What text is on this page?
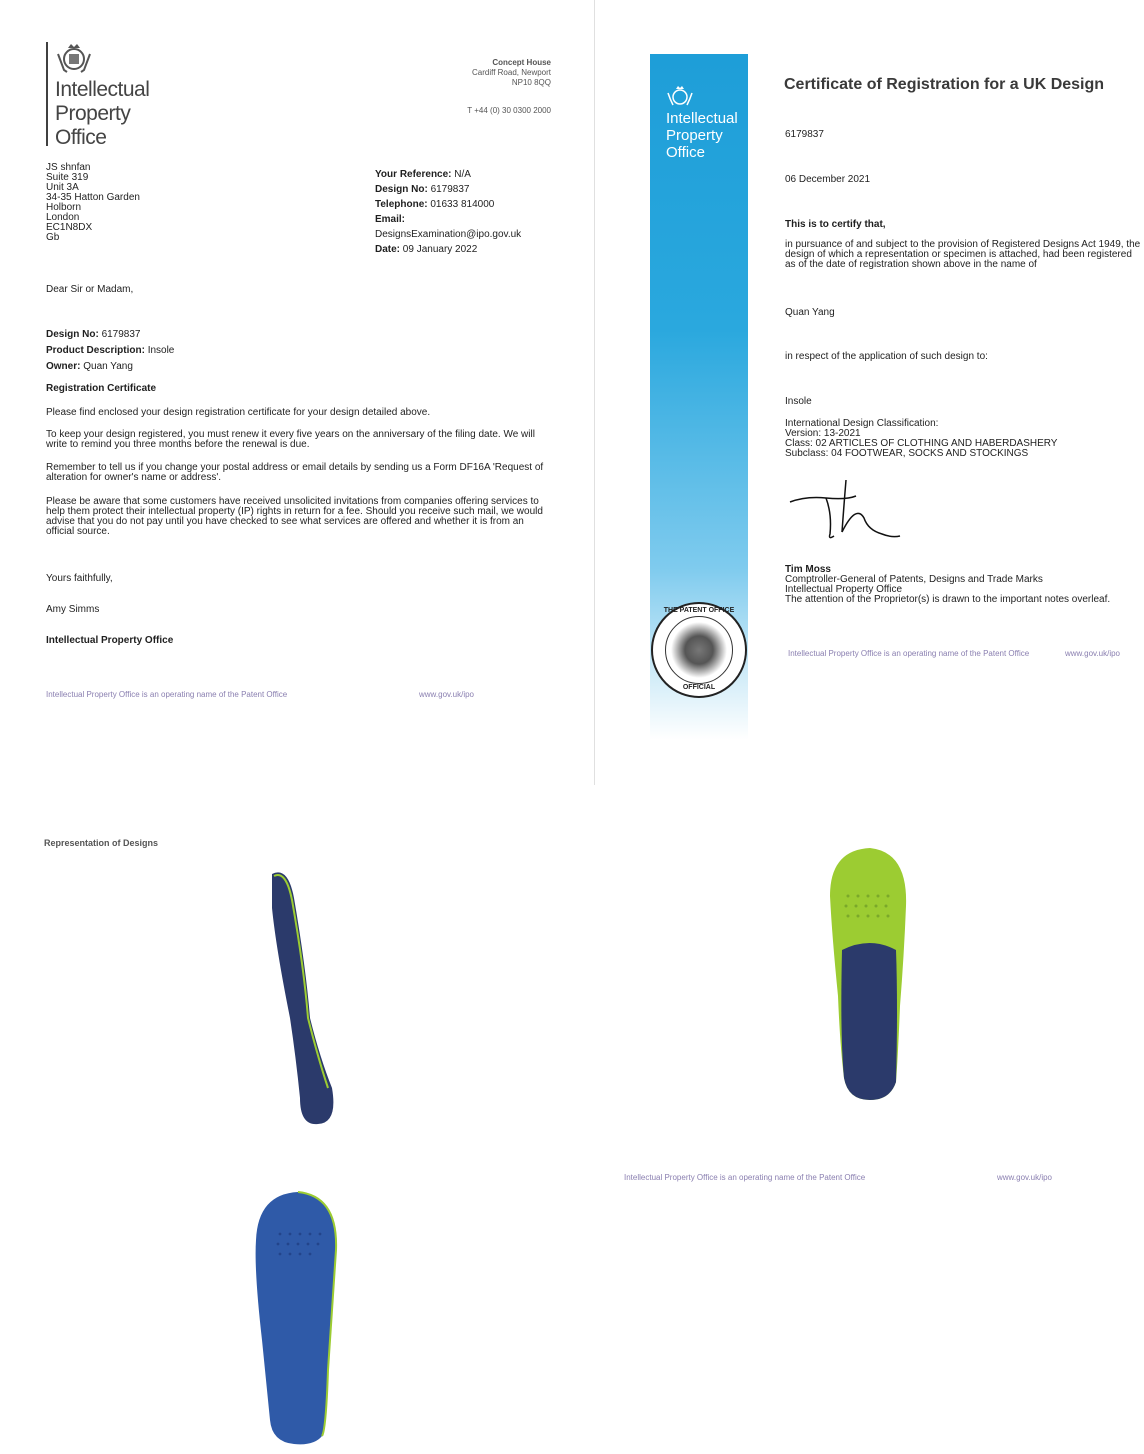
Intellectual
Property
Office
Concept House
Cardiff Road, Newport
NP10 8QQ
T +44 (0) 30 0300 2000
JS shnfan
Suite 319
Unit 3A
34-35 Hatton Garden
Holborn
London
EC1N8DX
Gb
Your Reference: N/A
Design No: 6179837
Telephone: 01633 814000
Email:
DesignsExamination@ipo.gov.uk
Date: 09 January 2022
Dear Sir or Madam,
Design No: 6179837
Product Description: Insole
Owner: Quan Yang
Registration Certificate
Please find enclosed your design registration certificate for your design detailed above.
To keep your design registered, you must renew it every five years on the anniversary of the filing date. We will
write to remind you three months before the renewal is due.
Remember to tell us if you change your postal address or email details by sending us a Form DF16A 'Request of
alteration for owner's name or address'.
Please be aware that some customers have received unsolicited invitations from companies offering services to
help them protect their intellectual property (IP) rights in return for a fee. Should you receive such mail, we would
advise that you do not pay until you have checked to see what services are offered and whether it is from an
official source.
Yours faithfully,
Amy Simms
Intellectual Property Office
Intellectual Property Office is an operating name of the Patent Office	www.gov.uk/ipo
Intellectual
Property
Office
THE PATENT OFFICE
OFFICIAL
Certificate of Registration for a UK Design
6179837
06 December 2021
This is to certify that,
in pursuance of and subject to the provision of Registered Designs Act 1949, the
design of which a representation or specimen is attached, had been registered
as of the date of registration shown above in the name of
Quan Yang
in respect of the application of such design to:
Insole
International Design Classification:
Version: 13-2021
Class: 02 ARTICLES OF CLOTHING AND HABERDASHERY
Subclass: 04 FOOTWEAR, SOCKS AND STOCKINGS
Tim Moss
Comptroller-General of Patents, Designs and Trade Marks
Intellectual Property Office
The attention of the Proprietor(s) is drawn to the important notes overleaf.
Intellectual Property Office is an operating name of the Patent Office	www.gov.uk/ipo
Representation of Designs
Intellectual Property Office is an operating name of the Patent Office	www.gov.uk/ipo
